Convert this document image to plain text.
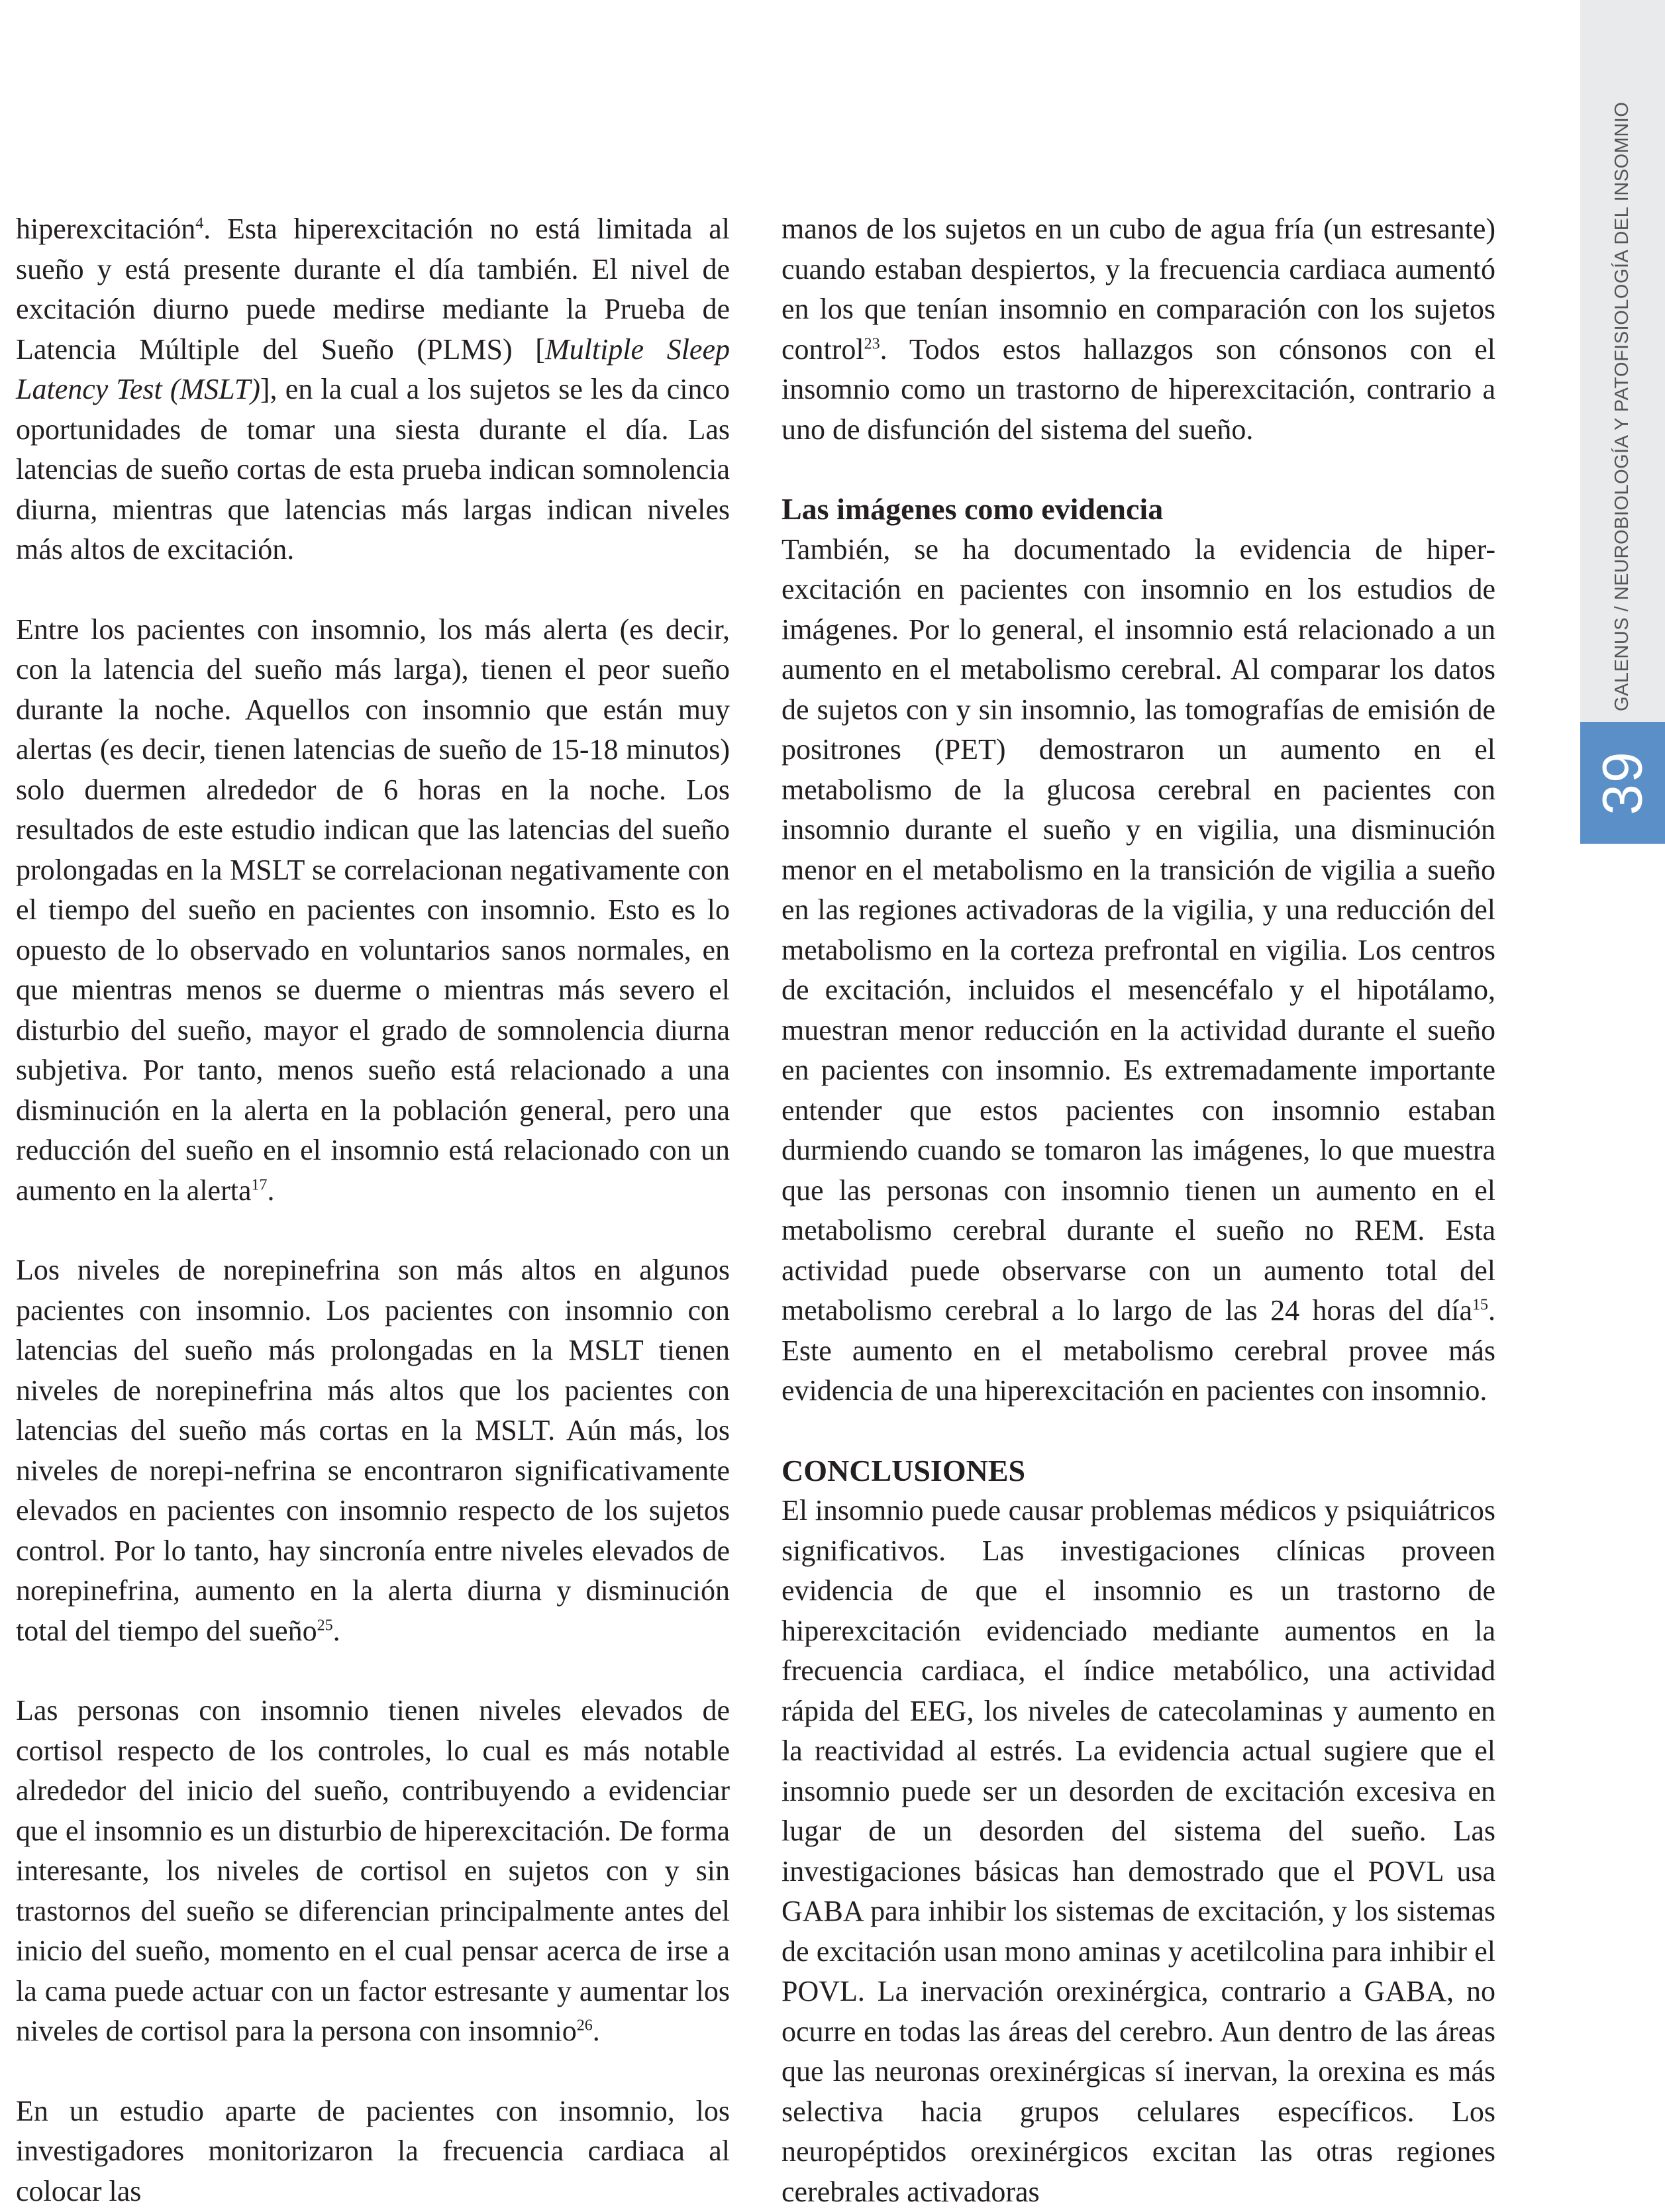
hiperexcitación$^4$. Esta hiperexcitación no está limitada al sueño y está presente durante el día también. El nivel de excitación diurno puede medirse mediante la Prueba de Latencia Múltiple del Sueño (PLMS) [Multiple Sleep Latency Test (MSLT)], en la cual a los sujetos se les da cinco oportunidades de tomar una siesta durante el día. Las latencias de sueño cortas de esta prueba indican somnolencia diurna, mientras que latencias más largas indican niveles más altos de excitación.

Entre los pacientes con insomnio, los más alerta (es decir, con la latencia del sueño más larga), tienen el peor sueño durante la noche. Aquellos con insomnio que están muy alertas (es decir, tienen latencias de sueño de 15-18 minutos) solo duermen alrededor de 6 horas en la noche. Los resultados de este estudio indican que las latencias del sueño prolongadas en la MSLT se correlacionan negativamente con el tiempo del sueño en pacientes con insomnio. Esto es lo opuesto de lo observado en voluntarios sanos normales, en que mientras menos se duerme o mientras más severo el disturbio del sueño, mayor el grado de somnolencia diurna subjetiva. Por tanto, menos sueño está relacionado a una disminución en la alerta en la población general, pero una reducción del sueño en el insomnio está relacionado con un aumento en la alerta$^{17}$.

Los niveles de norepinefrina son más altos en algunos pacientes con insomnio. Los pacientes con insomnio con latencias del sueño más prolongadas en la MSLT tienen niveles de norepinefrina más altos que los pacientes con latencias del sueño más cortas en la MSLT. Aún más, los niveles de norepi-nefrina se encontraron significativamente elevados en pacientes con insomnio respecto de los sujetos control. Por lo tanto, hay sincronía entre niveles elevados de norepinefrina, aumento en la alerta diurna y disminución total del tiempo del sueño$^{25}$.

Las personas con insomnio tienen niveles elevados de cortisol respecto de los controles, lo cual es más notable alrededor del inicio del sueño, contribuyendo a evidenciar que el insomnio es un disturbio de hiperexcitación. De forma interesante, los niveles de cortisol en sujetos con y sin trastornos del sueño se diferencian principalmente antes del inicio del sueño, momento en el cual pensar acerca de irse a la cama puede actuar con un factor estresante y aumentar los niveles de cortisol para la persona con insomnio$^{26}$.

En un estudio aparte de pacientes con insomnio, los investigadores monitorizaron la frecuencia cardiaca al colocar las

manos de los sujetos en un cubo de agua fría (un estresante) cuando estaban despiertos, y la frecuencia cardiaca aumentó en los que tenían insomnio en comparación con los sujetos control$^{23}$. Todos estos hallazgos son cónsonos con el insomnio como un trastorno de hiperexcitación, contrario a uno de disfunción del sistema del sueño.

Las imágenes como evidencia

También, se ha documentado la evidencia de hiper-excitación en pacientes con insomnio en los estudios de imágenes. Por lo general, el insomnio está relacionado a un aumento en el metabolismo cerebral. Al comparar los datos de sujetos con y sin insomnio, las tomografías de emisión de positrones (PET) demostraron un aumento en el metabolismo de la glucosa cerebral en pacientes con insomnio durante el sueño y en vigilia, una disminución menor en el metabolismo en la transición de vigilia a sueño en las regiones activadoras de la vigilia, y una reducción del metabolismo en la corteza prefrontal en vigilia. Los centros de excitación, incluidos el mesencéfalo y el hipotálamo, muestran menor reducción en la actividad durante el sueño en pacientes con insomnio. Es extremadamente importante entender que estos pacientes con insomnio estaban durmiendo cuando se tomaron las imágenes, lo que muestra que las personas con insomnio tienen un aumento en el metabolismo cerebral durante el sueño no REM. Esta actividad puede observarse con un aumento total del metabolismo cerebral a lo largo de las 24 horas del día$^{15}$. Este aumento en el metabolismo cerebral provee más evidencia de una hiperexcitación en pacientes con insomnio.

CONCLUSIONES

El insomnio puede causar problemas médicos y psiquiátricos significativos. Las investigaciones clínicas proveen evidencia de que el insomnio es un trastorno de hiperexcitación evidenciado mediante aumentos en la frecuencia cardiaca, el índice metabólico, una actividad rápida del EEG, los niveles de catecolaminas y aumento en la reactividad al estrés. La evidencia actual sugiere que el insomnio puede ser un desorden de excitación excesiva en lugar de un desorden del sistema del sueño. Las investigaciones básicas han demostrado que el POVL usa GABA para inhibir los sistemas de excitación, y los sistemas de excitación usan mono aminas y acetilcolina para inhibir el POVL. La inervación orexinérgica, contrario a GABA, no ocurre en todas las áreas del cerebro. Aun dentro de las áreas que las neuronas orexinérgicas sí inervan, la orexina es más selectiva hacia grupos celulares específicos. Los neuropéptidos orexinérgicos excitan las otras regiones cerebrales activadoras

GALENUS / NEUROBIOLOGÍA Y PATOFISIOLOGÍA DEL INSOMNIO
39
